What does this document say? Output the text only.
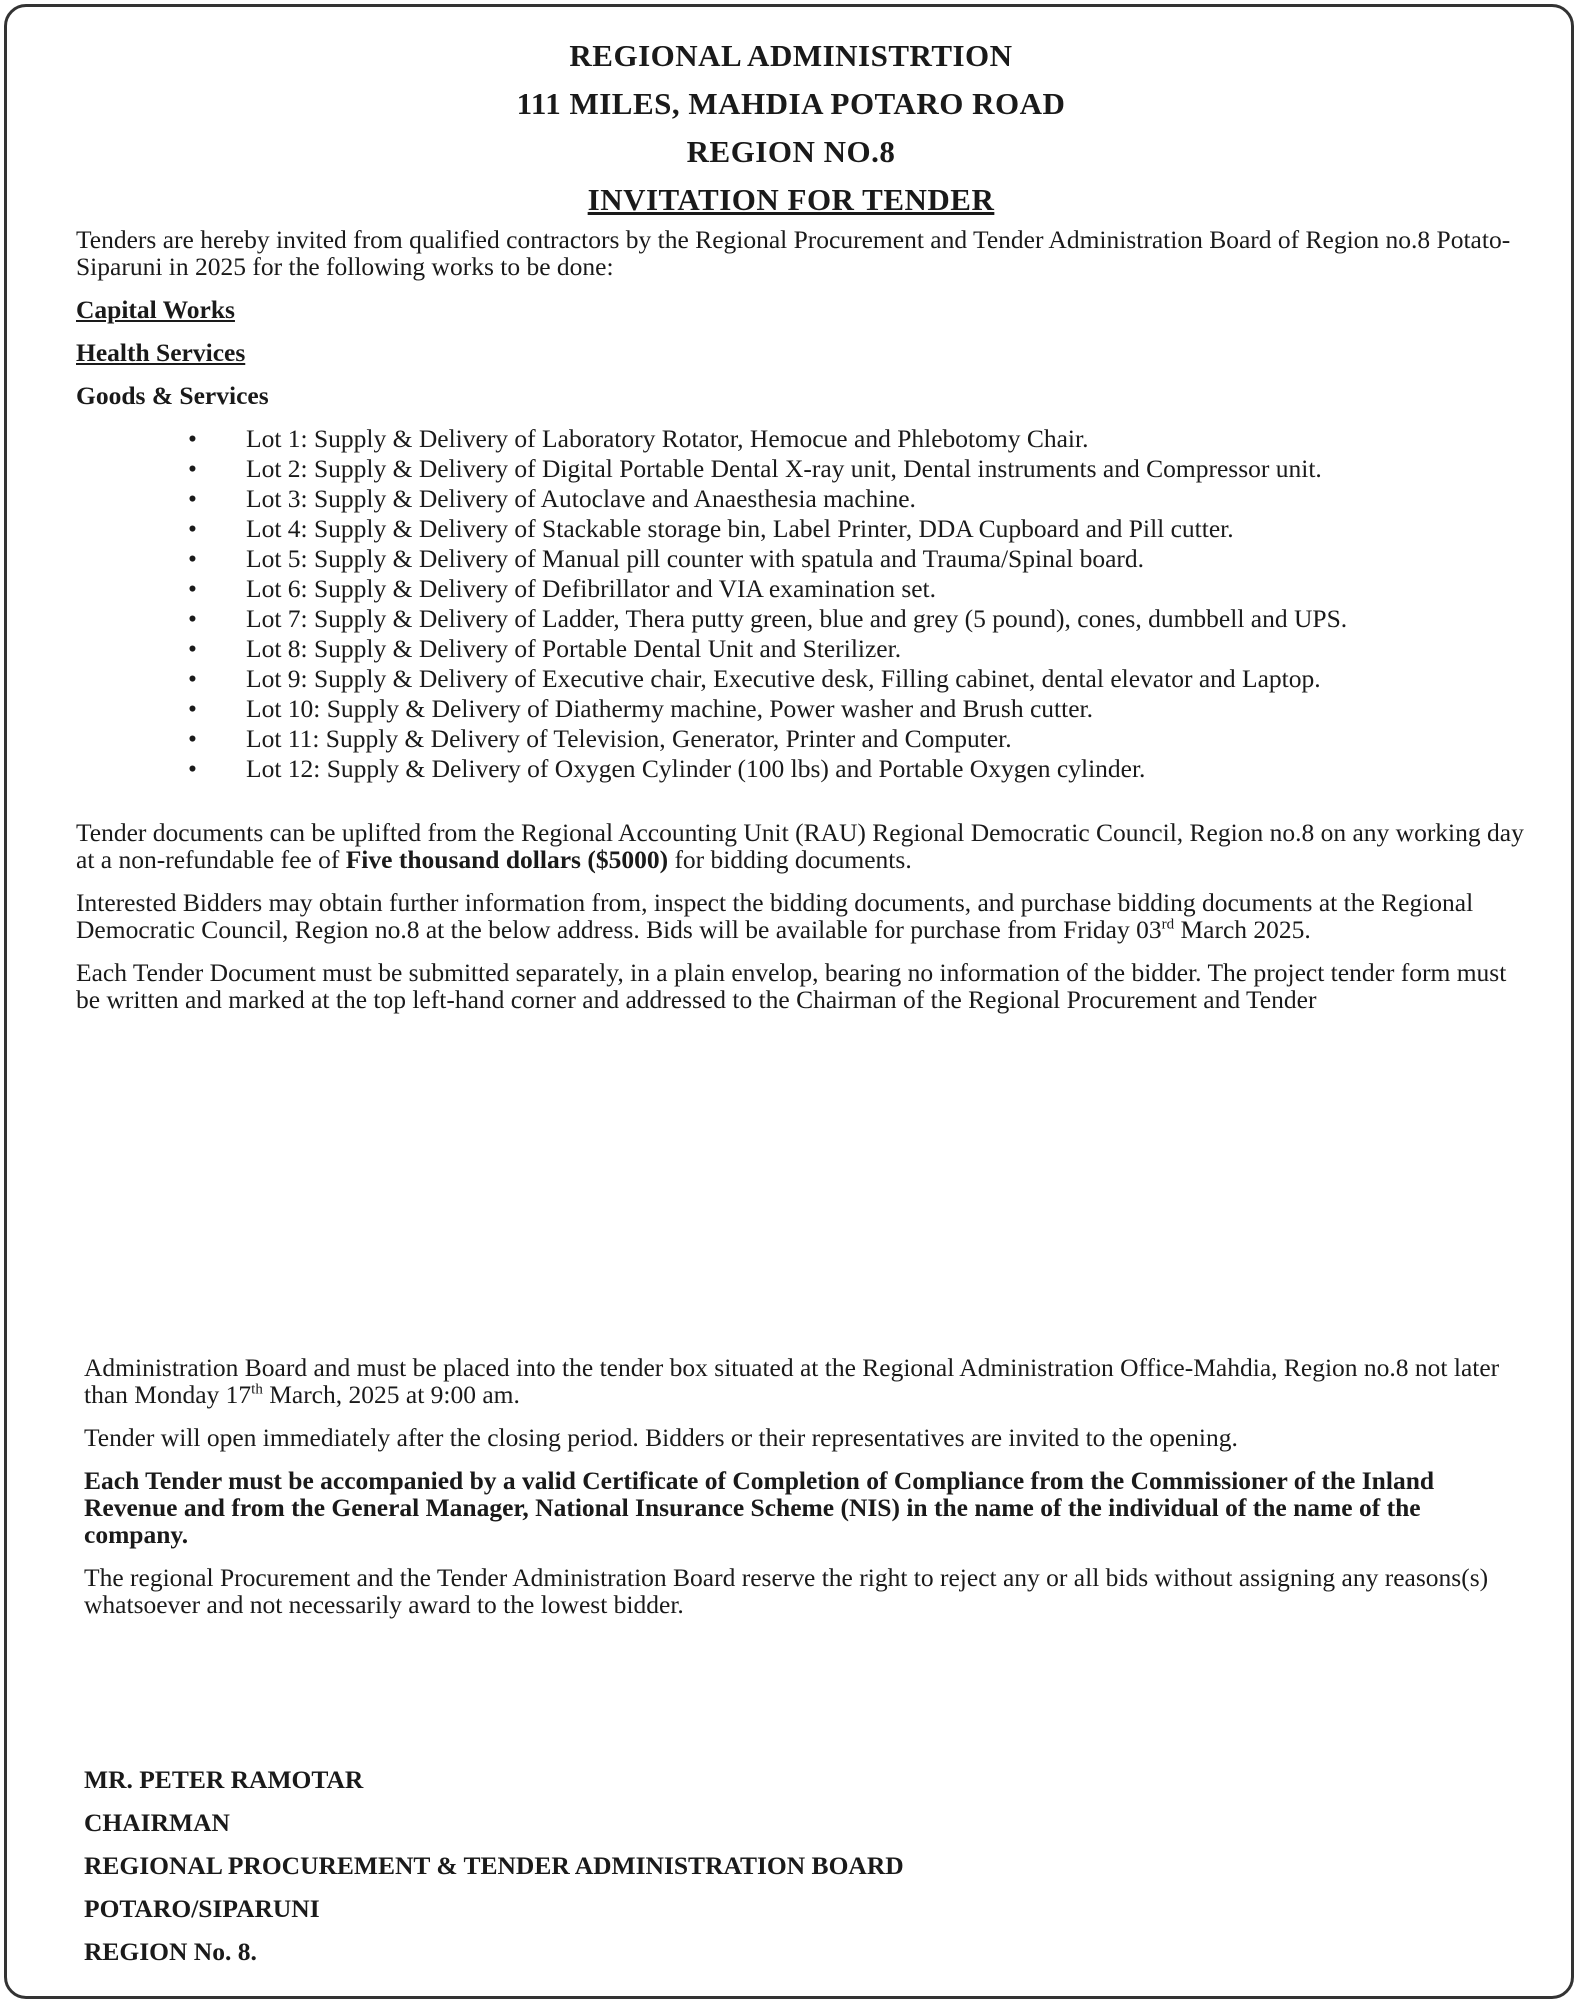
REGIONAL ADMINISTRTION
111 MILES, MAHDIA POTARO ROAD
REGION NO.8
INVITATION FOR TENDER

Tenders are hereby invited from qualified contractors by the Regional Procurement and Tender Administration Board of Region no.8 Potato-Siparuni in 2025 for the following works to be done:

Capital Works
Health Services
Goods & Services
• Lot 1: Supply & Delivery of Laboratory Rotator, Hemocue and Phlebotomy Chair.
• Lot 2: Supply & Delivery of Digital Portable Dental X-ray unit, Dental instruments and Compressor unit.
• Lot 3: Supply & Delivery of Autoclave and Anaesthesia machine.
• Lot 4: Supply & Delivery of Stackable storage bin, Label Printer, DDA Cupboard and Pill cutter.
• Lot 5: Supply & Delivery of Manual pill counter with spatula and Trauma/Spinal board.
• Lot 6: Supply & Delivery of Defibrillator and VIA examination set.
• Lot 7: Supply & Delivery of Ladder, Thera putty green, blue and grey (5 pound), cones, dumbbell and UPS.
• Lot 8: Supply & Delivery of Portable Dental Unit and Sterilizer.
• Lot 9: Supply & Delivery of Executive chair, Executive desk, Filling cabinet, dental elevator and Laptop.
• Lot 10: Supply & Delivery of Diathermy machine, Power washer and Brush cutter.
• Lot 11: Supply & Delivery of Television, Generator, Printer and Computer.
• Lot 12: Supply & Delivery of Oxygen Cylinder (100 lbs) and Portable Oxygen cylinder.

Tender documents can be uplifted from the Regional Accounting Unit (RAU) Regional Democratic Council, Region no.8 on any working day at a non-refundable fee of Five thousand dollars ($5000) for bidding documents.

Interested Bidders may obtain further information from, inspect the bidding documents, and purchase bidding documents at the Regional Democratic Council, Region no.8 at the below address. Bids will be available for purchase from Friday 03rd March 2025.

Each Tender Document must be submitted separately, in a plain envelop, bearing no information of the bidder. The project tender form must be written and marked at the top left-hand corner and addressed to the Chairman of the Regional Procurement and Tender

Administration Board and must be placed into the tender box situated at the Regional Administration Office-Mahdia, Region no.8 not later than Monday 17th March, 2025 at 9:00 am.

Tender will open immediately after the closing period. Bidders or their representatives are invited to the opening.

Each Tender must be accompanied by a valid Certificate of Completion of Compliance from the Commissioner of the Inland Revenue and from the General Manager, National Insurance Scheme (NIS) in the name of the individual of the name of the company.

The regional Procurement and the Tender Administration Board reserve the right to reject any or all bids without assigning any reasons(s) whatsoever and not necessarily award to the lowest bidder.

MR. PETER RAMOTAR
CHAIRMAN
REGIONAL PROCUREMENT & TENDER ADMINISTRATION BOARD
POTARO/SIPARUNI
REGION No. 8.
